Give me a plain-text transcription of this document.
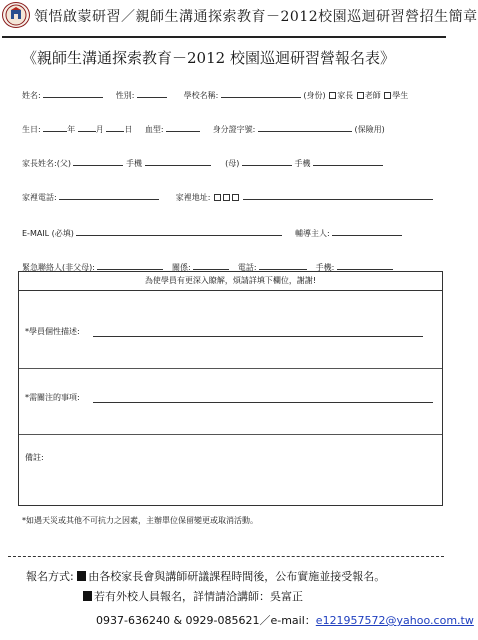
領悟啟蒙研習／親師生溝通探索教育－2012校園巡迴研習營招生簡章
《親師生溝通探索教育－2012 校園巡迴研習營報名表》
姓名:	性別:	學校名稱:	(身份) 家長 老師 學生
生日:	年	月	日 血型:	身分證字號:	(保險用)
家長姓名:(父)	手機	(母)	手機
家裡電話:	家裡地址:
E-MAIL (必填)	輔導主人:
緊急聯絡人(非父母):	關係:	電話:	手機:
為使學員有更深入瞭解，煩請詳填下欄位，謝謝!
*學員個性描述:
*需關注的事項:
備註:
*如遇天災或其他不可抗力之因素，主辦單位保留變更或取消活動。
報名方式: 由各校家長會與講師研議課程時間後，公布實施並接受報名。
若有外校人員報名，詳情請洽講師：吳富正
0937-636240 & 0929-085621／e-mail：e121957572@yahoo.com.tw
